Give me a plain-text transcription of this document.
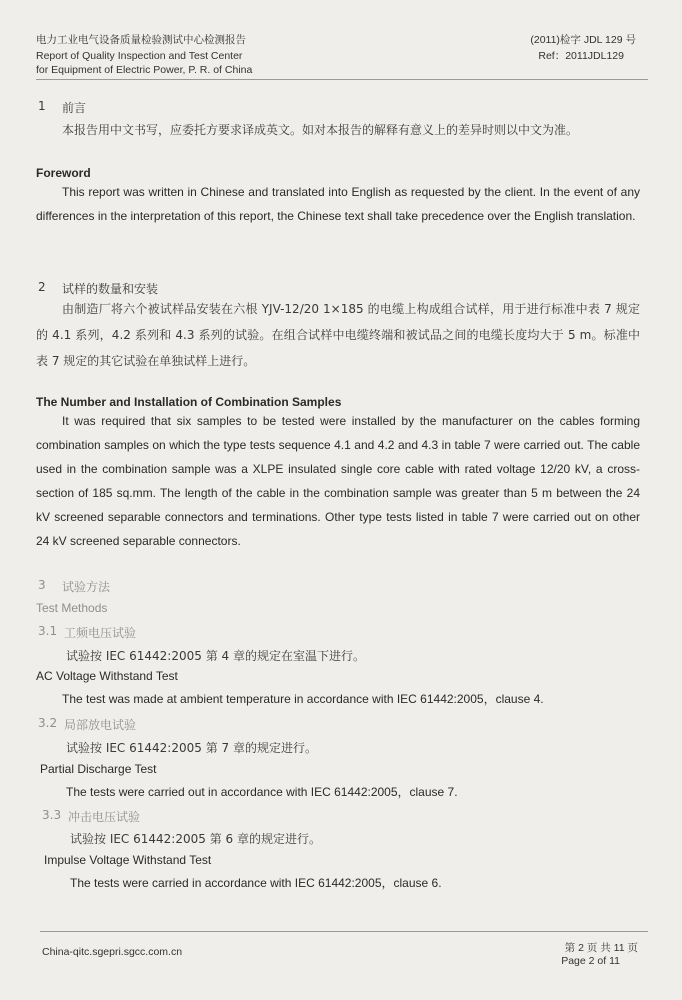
电力工业电气设备质量检验测试中心检测报告

Report of Quality Inspection and Test Center

for Equipment of Electric Power, P. R. of China

(2011)检字 JDL 129 号

Ref：2011JDL129

1 前言

本报告用中文书写，应委托方要求译成英文。如对本报告的解释有意义上的差异时则以中文为准。

Foreword

This report was written in Chinese and translated into English as requested by the client. In the event of any differences in the interpretation of this report, the Chinese text shall take precedence over the English translation.

2 试样的数量和安装

由制造厂将六个被试样品安装在六根 YJV-12/20 1×185 的电缆上构成组合试样，用于进行标准中表 7 规定的 4.1 系列，4.2 系列和 4.3 系列的试验。在组合试样中电缆终端和被试品之间的电缆长度均大于 5 m。标准中表 7 规定的其它试验在单独试样上进行。

The Number and Installation of Combination Samples

It was required that six samples to be tested were installed by the manufacturer on the cables forming combination samples on which the type tests sequence 4.1 and 4.2 and 4.3 in table 7 were carried out. The cable used in the combination sample was a XLPE insulated single core cable with rated voltage 12/20 kV, a cross-section of 185 sq.mm. The length of the cable in the combination sample was greater than 5 m between the 24 kV screened separable connectors and terminations. Other type tests listed in table 7 were carried out on other 24 kV screened separable connectors.

3 试验方法

Test Methods

3.1 工频电压试验

试验按 IEC 61442:2005 第 4 章的规定在室温下进行。

AC Voltage Withstand Test

The test was made at ambient temperature in accordance with IEC 61442:2005，clause 4.

3.2 局部放电试验

试验按 IEC 61442:2005 第 7 章的规定进行。

Partial Discharge Test

The tests were carried out in accordance with IEC 61442:2005，clause 7.

3.3 冲击电压试验

试验按 IEC 61442:2005 第 6 章的规定进行。

Impulse Voltage Withstand Test

The tests were carried in accordance with IEC 61442:2005，clause 6.

China-qitc.sgepri.sgcc.com.cn	第 2 页 共 11 页

Page 2 of 11
